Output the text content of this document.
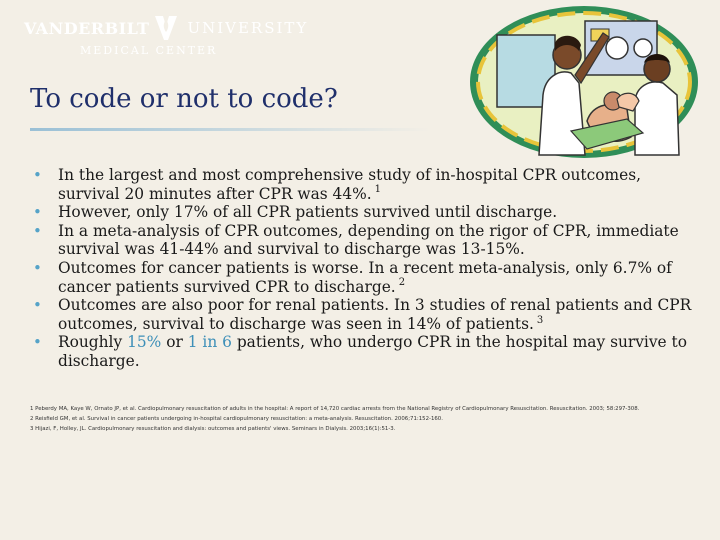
VANDERBILT	UNIVERSITY
MEDICAL CENTER
To code or not to code?
• In the largest and most comprehensive study of in-hospital CPR outcomes, survival 20 minutes after CPR was 44%. $^1$
• However, only 17% of all CPR patients survived until discharge.
• In a meta-analysis of CPR outcomes, depending on the rigor of CPR, immediate survival was 41-44% and survival to discharge was 13-15%.
• Outcomes for cancer patients is worse. In a recent meta-analysis, only 6.7% of cancer patients survived CPR to discharge. $^2$
• Outcomes are also poor for renal patients. In 3 studies of renal patients and CPR outcomes, survival to discharge was seen in 14% of patients. $^3$
• Roughly 15% or 1 in 6 patients, who undergo CPR in the hospital may survive to discharge.
1 Peberdy MA, Kaye W, Ornato JP, et al. Cardiopulmonary resuscitation of adults in the hospital: A report of 14,720 cardiac arrests from the National Registry of Cardiopulmonary Resuscitation. Resuscitation. 2003; 58:297-308.
2 Reisfield GM, et al. Survival in cancer patients undergoing in-hospital cardiopulmonary resuscitation: a meta-analysis. Resuscitation. 2006;71:152-160.
3 Hijazi, F, Holley, JL. Cardiopulmonary resuscitation and dialysis: outcomes and patients' views. Seminars in Dialysis. 2003;16(1):51-3.
